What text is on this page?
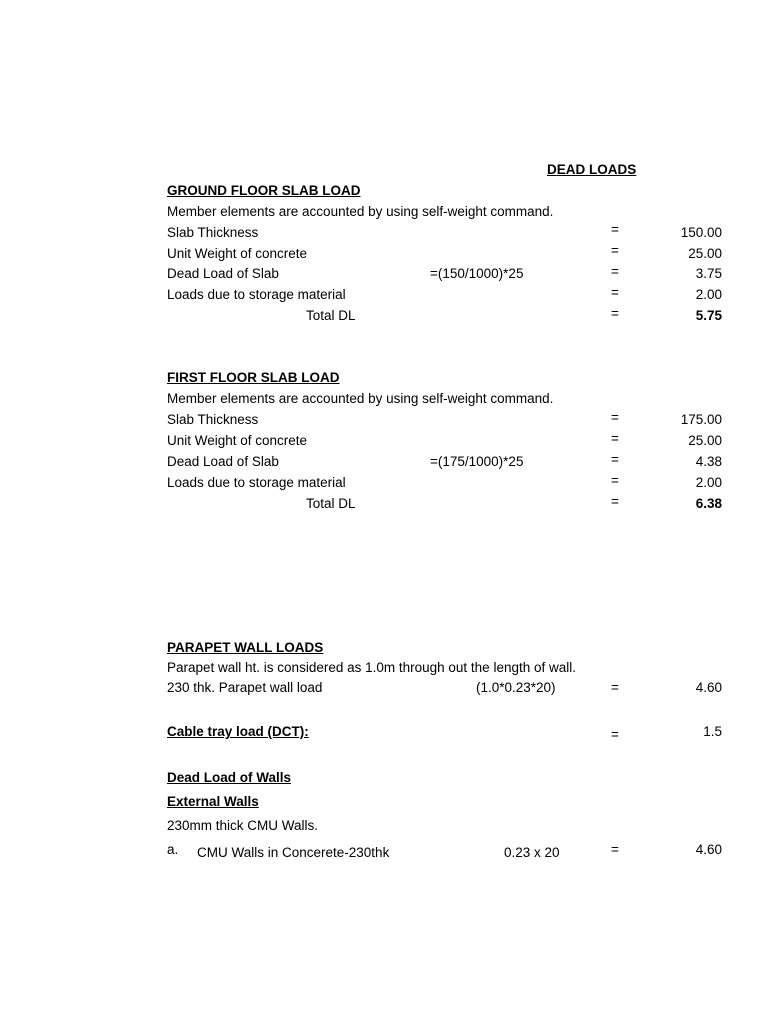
DEAD LOADS
GROUND FLOOR SLAB LOAD
Member elements are accounted by using self-weight command.
Slab Thickness	=	150.00
Unit Weight of concrete	=	25.00
Dead Load of Slab	=(150/1000)*25	=	3.75
Loads due to storage material	=	2.00
Total DL	=	5.75
FIRST FLOOR SLAB LOAD
Member elements are accounted by using self-weight command.
Slab Thickness	=	175.00
Unit Weight of concrete	=	25.00
Dead Load of Slab	=(175/1000)*25	=	4.38
Loads due to storage material	=	2.00
Total DL	=	6.38
PARAPET WALL LOADS
Parapet wall ht. is considered as 1.0m through out the length of wall.
230 thk. Parapet wall load	(1.0*0.23*20)	=	4.60
Cable tray load (DCT):	=	1.5
Dead Load of Walls
External Walls
230mm thick CMU Walls.
a. CMU Walls in Concerete-230thk	0.23 x 20	=	4.60
